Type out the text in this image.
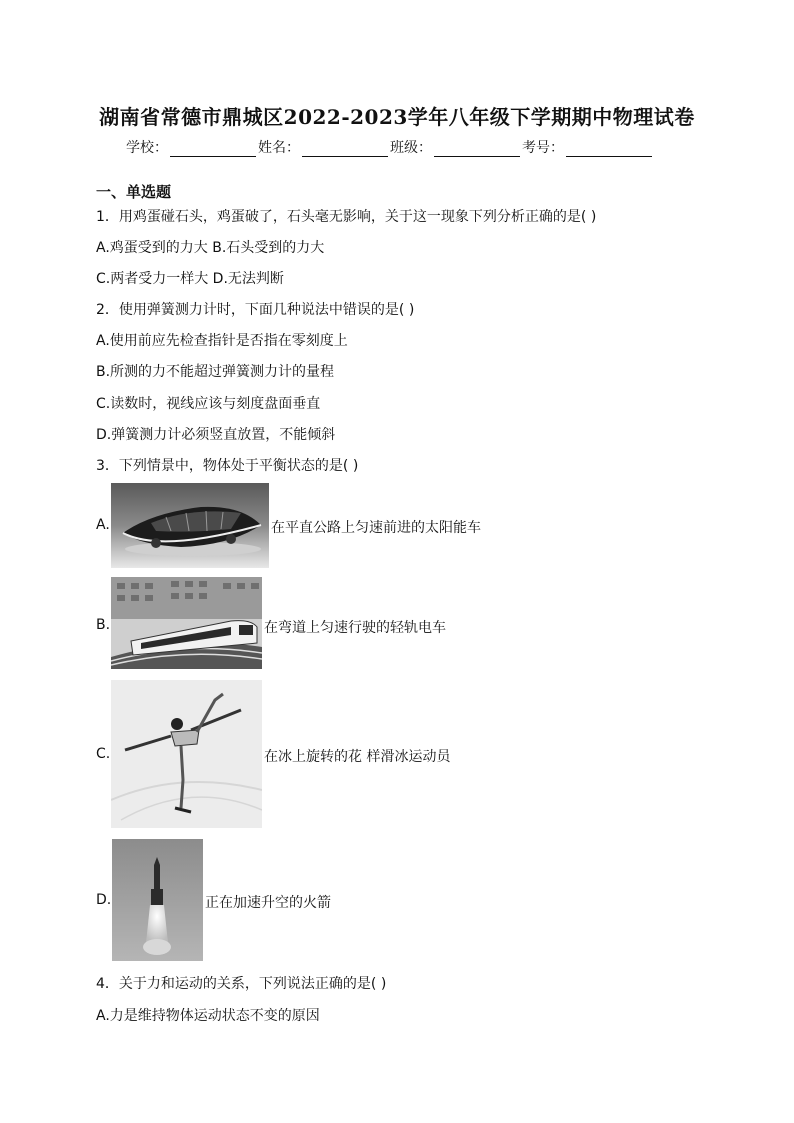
湖南省常德市鼎城区2022-2023学年八年级下学期期中物理试卷
学校：	姓名：	班级：	考号：
一、单选题
1．用鸡蛋碰石头，鸡蛋破了，石头毫无影响，关于这一现象下列分析正确的是( )
A.鸡蛋受到的力大 B.石头受到的力大
C.两者受力一样大 D.无法判断
2．使用弹簧测力计时，下面几种说法中错误的是( )
A.使用前应先检查指针是否指在零刻度上
B.所测的力不能超过弹簧测力计的量程
C.读数时，视线应该与刻度盘面垂直
D.弹簧测力计必须竖直放置，不能倾斜
3．下列情景中，物体处于平衡状态的是( )
A.	在平直公路上匀速前进的太阳能车
B.	在弯道上匀速行驶的轻轨电车
C.	在冰上旋转的花 样滑冰运动员
D.	正在加速升空的火箭
4．关于力和运动的关系，下列说法正确的是( )
A.力是维持物体运动状态不变的原因
